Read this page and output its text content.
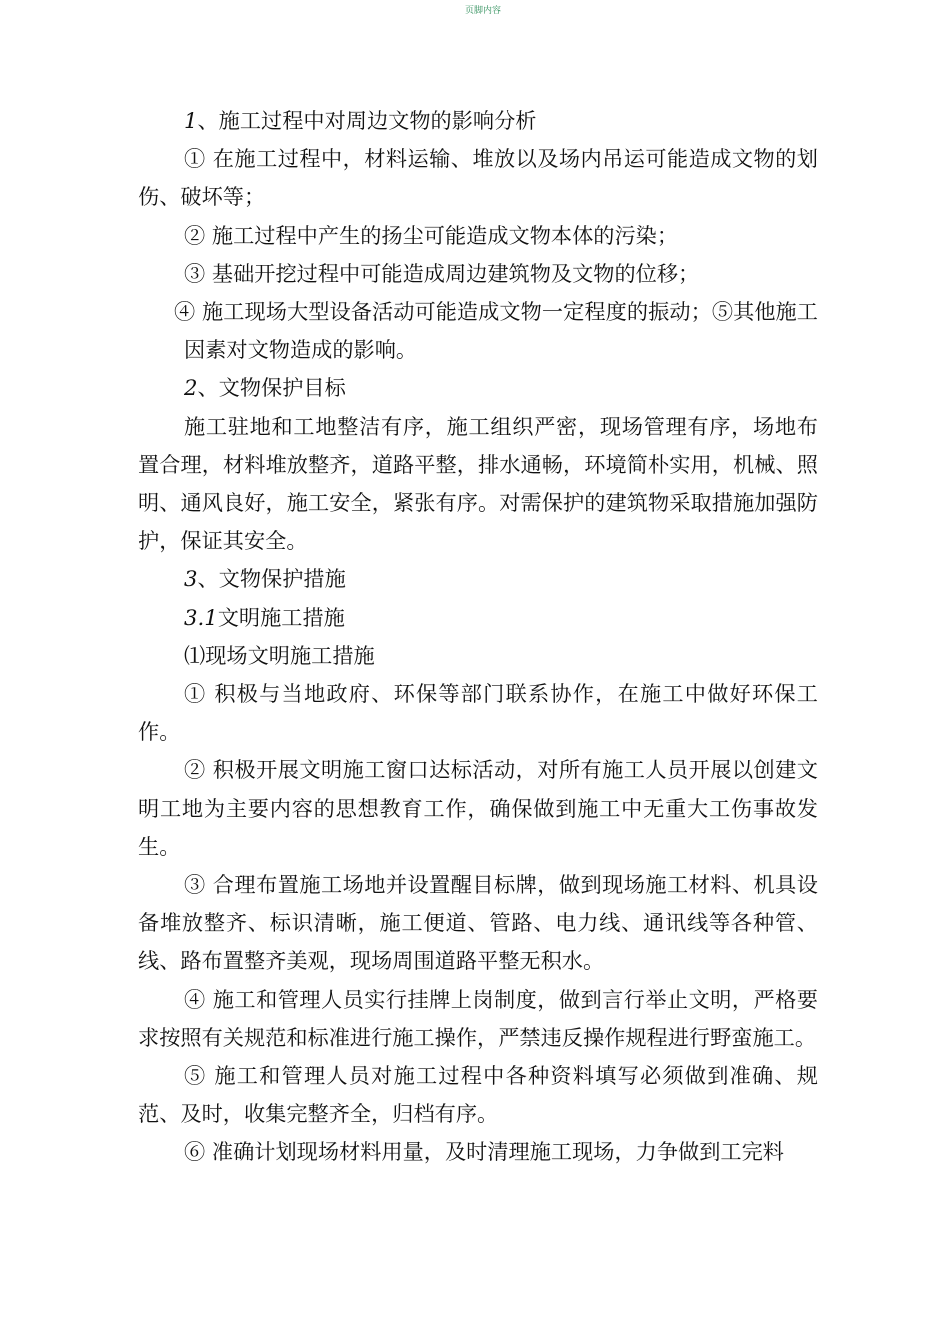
页脚内容

1、施工过程中对周边文物的影响分析

① 在施工过程中，材料运输、堆放以及场内吊运可能造成文物的划伤、破坏等；

② 施工过程中产生的扬尘可能造成文物本体的污染；

③ 基础开挖过程中可能造成周边建筑物及文物的位移；

④ 施工现场大型设备活动可能造成文物一定程度的振动；⑤其他施工因素对文物造成的影响。

2、文物保护目标

施工驻地和工地整洁有序，施工组织严密，现场管理有序，场地布置合理，材料堆放整齐，道路平整，排水通畅，环境简朴实用，机械、照明、通风良好，施工安全，紧张有序。对需保护的建筑物采取措施加强防护，保证其安全。

3、文物保护措施

3.1文明施工措施

⑴现场文明施工措施

① 积极与当地政府、环保等部门联系协作，在施工中做好环保工作。

② 积极开展文明施工窗口达标活动，对所有施工人员开展以创建文明工地为主要内容的思想教育工作，确保做到施工中无重大工伤事故发生。

③ 合理布置施工场地并设置醒目标牌，做到现场施工材料、机具设备堆放整齐、标识清晰，施工便道、管路、电力线、通讯线等各种管、线、路布置整齐美观，现场周围道路平整无积水。

④ 施工和管理人员实行挂牌上岗制度，做到言行举止文明，严格要求按照有关规范和标准进行施工操作，严禁违反操作规程进行野蛮施工。

⑤ 施工和管理人员对施工过程中各种资料填写必须做到准确、规范、及时，收集完整齐全，归档有序。

⑥ 准确计划现场材料用量，及时清理施工现场，力争做到工完料
